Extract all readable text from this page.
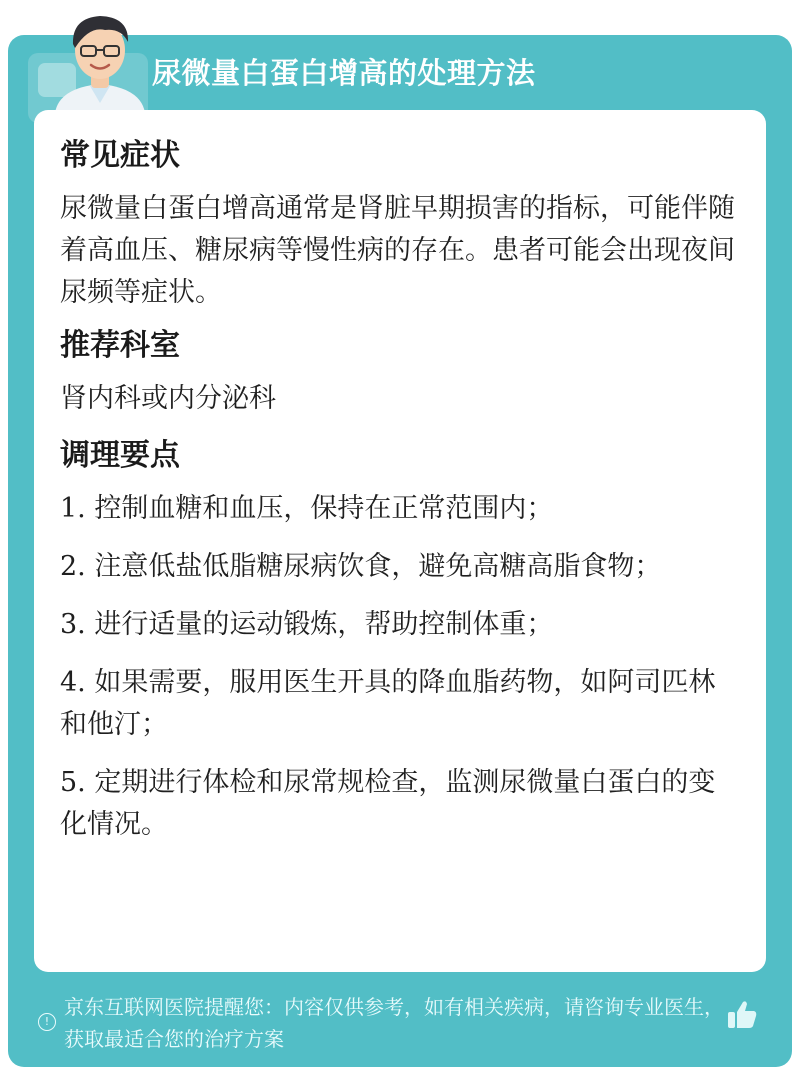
尿微量白蛋白增高的处理方法
!
京东互联网医院提醒您：内容仅供参考，如有相关疾病，请咨询专业医生，获取最适合您的治疗方案
常见症状
尿微量白蛋白增高通常是肾脏早期损害的指标，可能伴随着高血压、糖尿病等慢性病的存在。患者可能会出现夜间尿频等症状。
推荐科室
肾内科或内分泌科
调理要点
1. 控制血糖和血压，保持在正常范围内；
2. 注意低盐低脂糖尿病饮食，避免高糖高脂食物；
3. 进行适量的运动锻炼，帮助控制体重；
4. 如果需要，服用医生开具的降血脂药物，如阿司匹林和他汀；
5. 定期进行体检和尿常规检查，监测尿微量白蛋白的变化情况。
